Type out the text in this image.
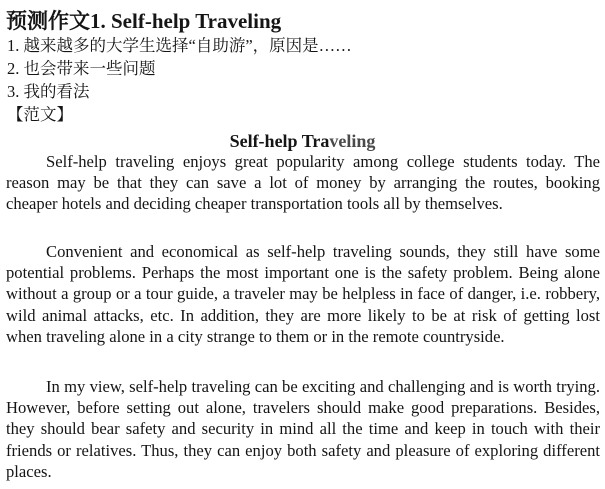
预测作文1. Self-help Traveling
1. 越来越多的大学生选择“自助游”，原因是……
2. 也会带来一些问题
3. 我的看法
【范文】
Self-help Traveling

Self-help traveling enjoys great popularity among college students today. The reason may be that they can save a lot of money by arranging the routes, booking cheaper hotels and deciding cheaper transportation tools all by themselves.

Convenient and economical as self-help traveling sounds, they still have some potential problems. Perhaps the most important one is the safety problem. Being alone without a group or a tour guide, a traveler may be helpless in face of danger, i.e. robbery, wild animal attacks, etc. In addition, they are more likely to be at risk of getting lost when traveling alone in a city strange to them or in the remote countryside.

In my view, self-help traveling can be exciting and challenging and is worth trying. However, before setting out alone, travelers should make good preparations. Besides, they should bear safety and security in mind all the time and keep in touch with their friends or relatives. Thus, they can enjoy both safety and pleasure of exploring different places.
